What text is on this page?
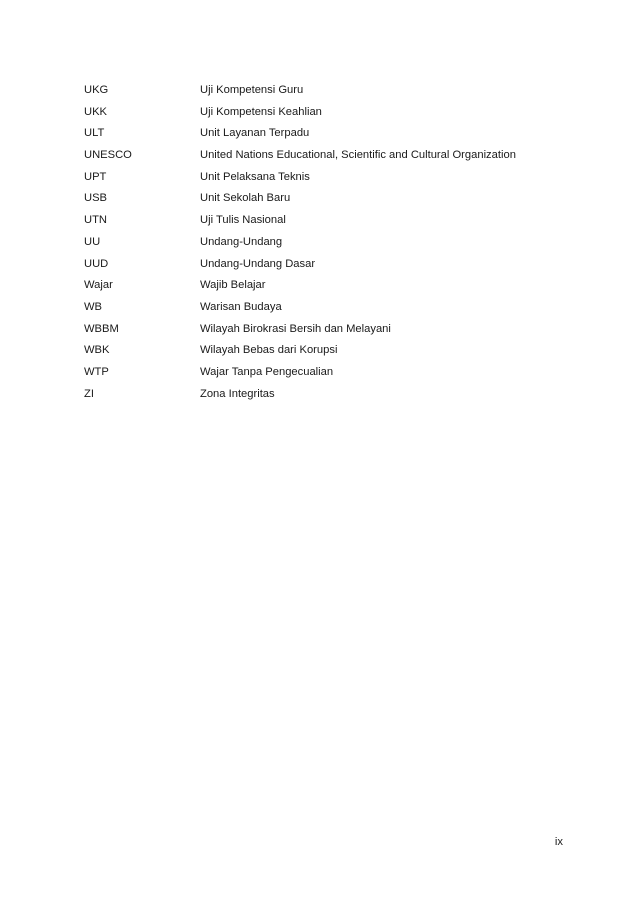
UKG	Uji Kompetensi Guru
UKK	Uji Kompetensi Keahlian
ULT	Unit Layanan Terpadu
UNESCO	United Nations Educational, Scientific and Cultural Organization
UPT	Unit Pelaksana Teknis
USB	Unit Sekolah Baru
UTN	Uji Tulis Nasional
UU	Undang-Undang
UUD	Undang-Undang Dasar
Wajar	Wajib Belajar
WB	Warisan Budaya
WBBM	Wilayah Birokrasi Bersih dan Melayani
WBK	Wilayah Bebas dari Korupsi
WTP	Wajar Tanpa Pengecualian
ZI	Zona Integritas
ix
